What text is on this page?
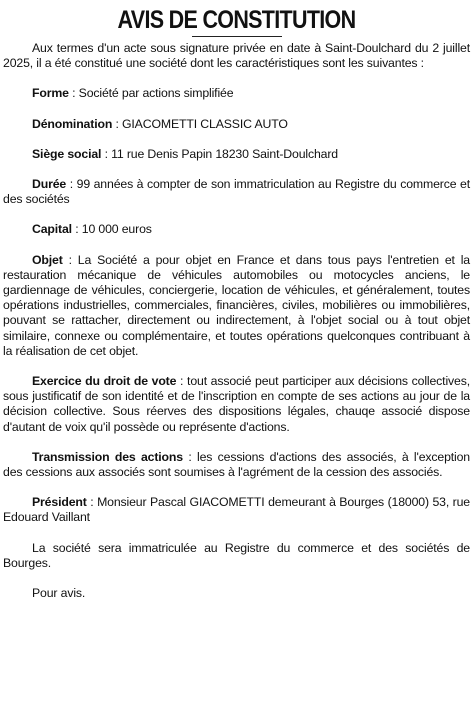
AVIS DE CONSTITUTION

Aux termes d'un acte sous signature privée en date à Saint-Doulchard du 2 juillet 2025, il a été constitué une société dont les caractéristiques sont les suivantes :

Forme : Société par actions simplifiée

Dénomination : GIACOMETTI CLASSIC AUTO

Siège social : 11 rue Denis Papin 18230 Saint-Doulchard

Durée : 99 années à compter de son immatriculation au Registre du commerce et des sociétés

Capital : 10 000 euros

Objet : La Société a pour objet en France et dans tous pays l'entretien et la restauration mécanique de véhicules automobiles ou motocycles anciens, le gardiennage de véhicules, conciergerie, location de véhicules, et généralement, toutes opérations industrielles, commerciales, financières, civiles, mobilières ou immobilières, pouvant se rattacher, directement ou indirectement, à l'objet social ou à tout objet similaire, connexe ou complémentaire, et toutes opérations quelconques contribuant à la réalisation de cet objet.

Exercice du droit de vote : tout associé peut participer aux décisions collectives, sous justificatif de son identité et de l'inscription en compte de ses actions au jour de la décision collective. Sous réerves des dispositions légales, chauqe associé dispose d'autant de voix qu'il possède ou représente d'actions.

Transmission des actions : les cessions d'actions des associés, à l'exception des cessions aux associés sont soumises à l'agrément de la cession des associés.

Président : Monsieur Pascal GIACOMETTI demeurant à Bourges (18000) 53, rue Edouard Vaillant

La société sera immatriculée au Registre du commerce et des sociétés de Bourges.

Pour avis.
